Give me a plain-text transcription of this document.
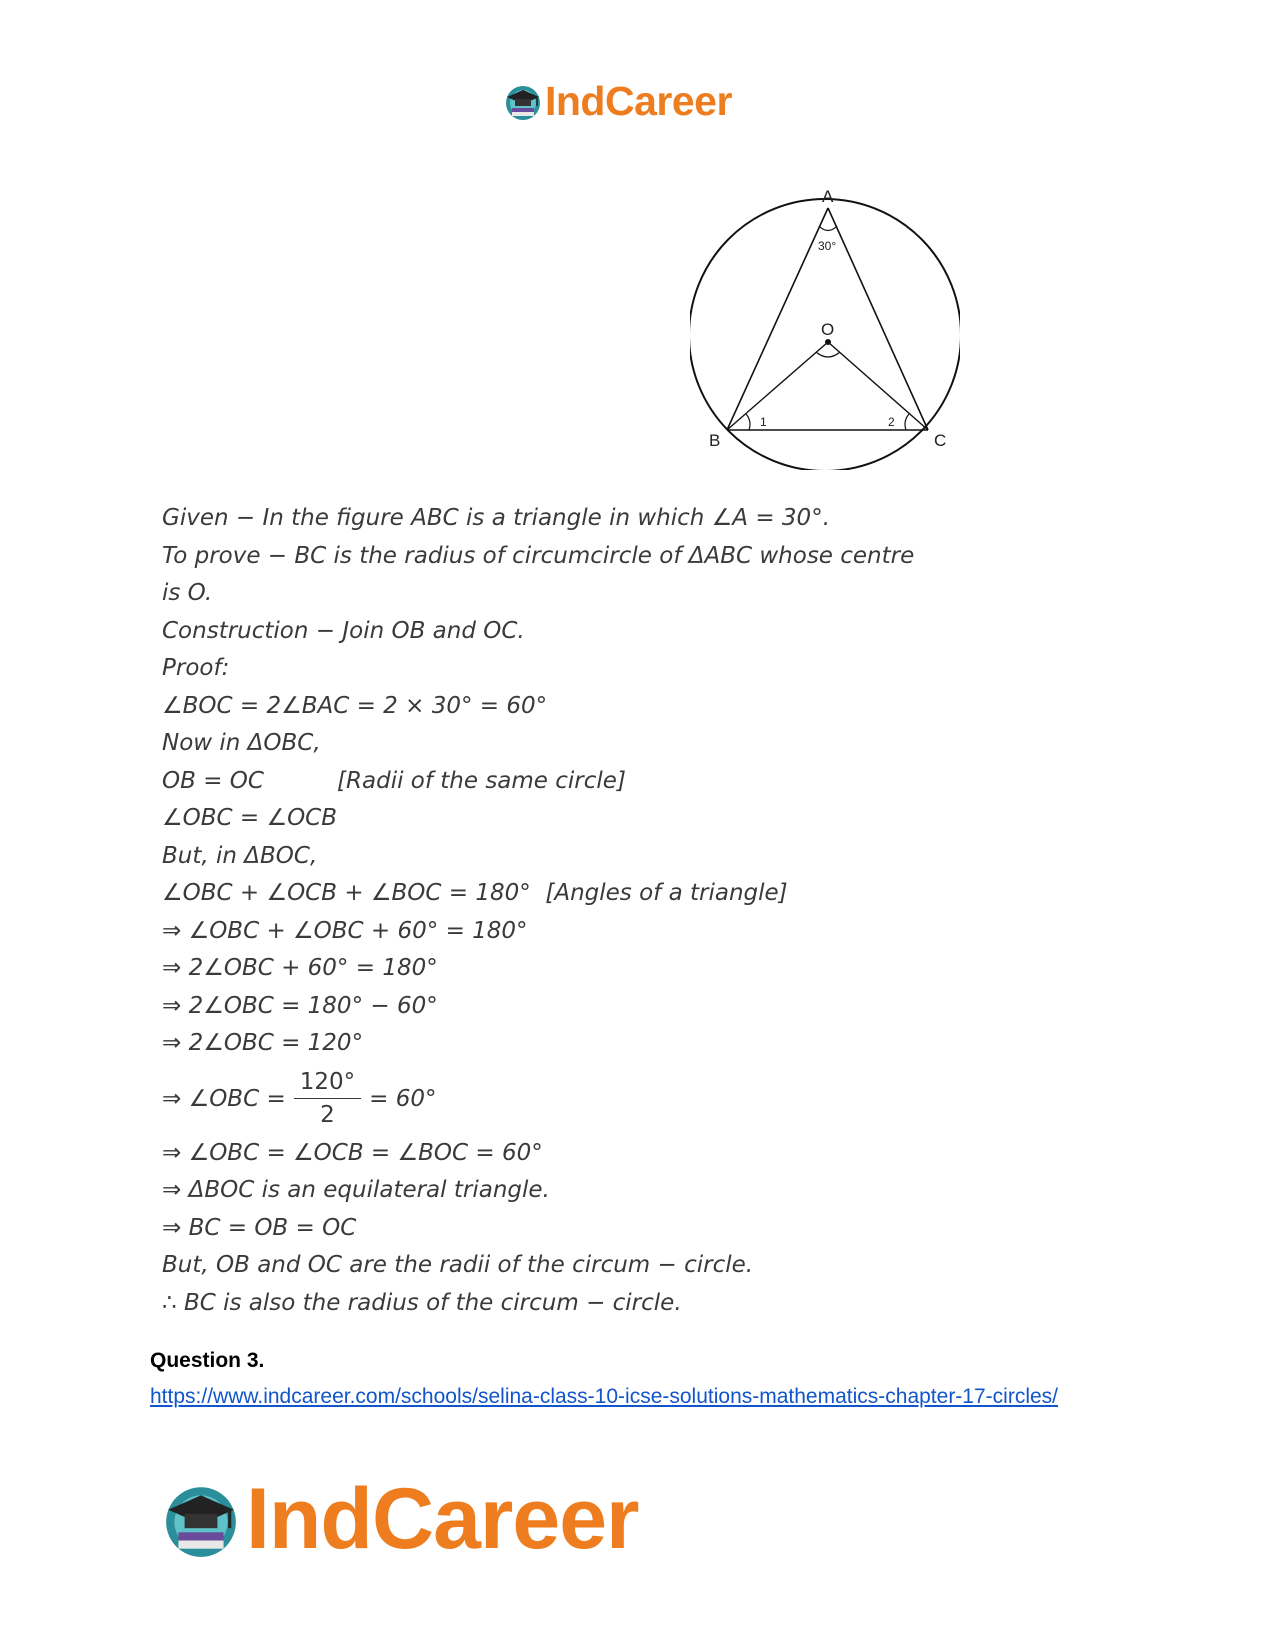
IndCareer
A
B	C
O
30°
1	2
Given − In the figure ABC is a triangle in which ∠A = 30°.
To prove − BC is the radius of circumcircle of ΔABC whose centre
is O.
Construction − Join OB and OC.
Proof:
∠BOC = 2∠BAC = 2 × 30° = 60°
Now in ΔOBC,
OB = OC          [Radii of the same circle]
∠OBC = ∠OCB
But, in ΔBOC,
∠OBC + ∠OCB + ∠BOC = 180°  [Angles of a triangle]
⇒ ∠OBC + ∠OBC + 60° = 180°
⇒ 2∠OBC + 60° = 180°
⇒ 2∠OBC = 180° − 60°
⇒ 2∠OBC = 120°
⇒ ∠OBC = $\frac{120^\circ}{2} = 60^\circ$
⇒ ∠OBC = ∠OCB = ∠BOC = 60°
⇒ ΔBOC is an equilateral triangle.
⇒ BC = OB = OC
But, OB and OC are the radii of the circum − circle.
∴ BC is also the radius of the circum − circle.
Question 3.
https://www.indcareer.com/schools/selina-class-10-icse-solutions-mathematics-chapter-17-circles/
IndCareer
